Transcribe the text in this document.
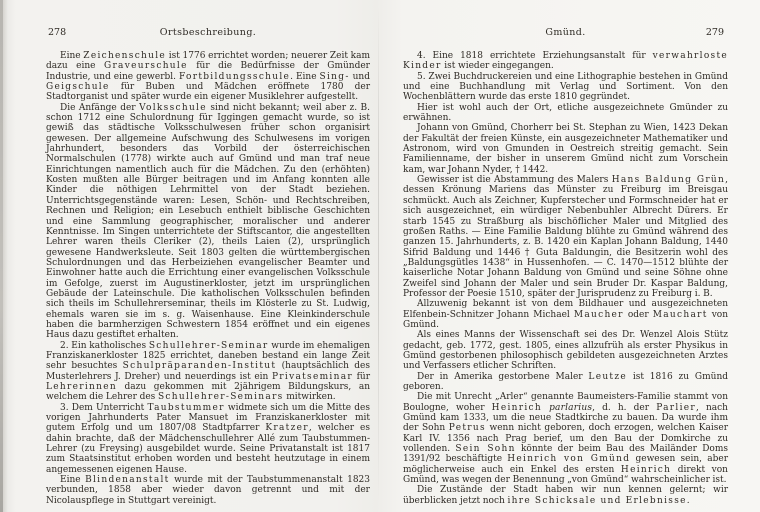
278	Ortsbeschreibung.

Eine Zeichenschule ist 1776 errichtet worden; neuerer Zeit kam dazu eine Graveurschule für die Bedürfnisse der Gmünder Industrie, und eine gewerbl. Fortbildungsschule. Eine Sing- und Geigschule für Buben und Mädchen eröffnete 1780 der Stadtorganist und später wurde ein eigener Musiklehrer aufgestellt.

Die Anfänge der Volksschule sind nicht bekannt; weil aber z. B. schon 1712 eine Schulordnung für Iggingen gemacht wurde, so ist gewiß das städtische Volksschulwesen früher schon organisirt gewesen. Der allgemeine Aufschwung des Schulwesens im vorigen Jahrhundert, besonders das Vorbild der österreichischen Normalschulen (1778) wirkte auch auf Gmünd und man traf neue Einrichtungen namentlich auch für die Mädchen. Zu den (erhöhten) Kosten mußten alle Bürger beitragen und im Anfang konnten alle Kinder die nöthigen Lehrmittel von der Stadt beziehen. Unterrichtsgegenstände waren: Lesen, Schön- und Rechtschreiben, Rechnen und Religion; ein Lesebuch enthielt biblische Geschichten und eine Sammlung geographischer, moralischer und anderer Kenntnisse. Im Singen unterrichtete der Stiftscantor, die angestellten Lehrer waren theils Cleriker (2), theils Laien (2), ursprünglich gewesene Handwerksleute. Seit 1803 gelten die württembergischen Schulordnungen und das Herbeiziehen evangelischer Beamter und Einwohner hatte auch die Errichtung einer evangelischen Volksschule im Gefolge, zuerst im Augustinerkloster, jetzt im ursprünglichen Gebäude der Lateinschule. Die katholischen Volksschulen befinden sich theils im Schullehrerseminar, theils im Klösterle zu St. Ludwig, ehemals waren sie im s. g. Waisenhause. Eine Kleinkinderschule haben die barmherzigen Schwestern 1854 eröffnet und ein eigenes Haus dazu gestiftet erhalten.

2. Ein katholisches Schullehrer-Seminar wurde im ehemaligen Franziskanerkloster 1825 errichtet, daneben bestand ein lange Zeit sehr besuchtes Schulpräparanden-Institut (hauptsächlich des Musterlehrers J. Dreher) und neuerdings ist ein Privatseminar für Lehrerinnen dazu gekommen mit 2jährigem Bildungskurs, an welchem die Lehrer des Schullehrer-Seminars mitwirken.

3. Dem Unterricht Taubstummer widmete sich um die Mitte des vorigen Jahrhunderts Pater Mansuet im Franziskanerkloster mit gutem Erfolg und um 1807/08 Stadtpfarrer Kratzer, welcher es dahin brachte, daß der Mädchenschullehrer Allé zum Taubstummen-Lehrer (zu Freysing) ausgebildet wurde. Seine Privatanstalt ist 1817 zum Staatsinstitut erhoben worden und besteht heutzutage in einem angemessenen eigenen Hause.

Eine Blindenanstalt wurde mit der Taubstummenanstalt 1823 verbunden, 1858 aber wieder davon getrennt und mit der Nicolauspflege in Stuttgart vereinigt.

Gmünd.	279

4. Eine 1818 errichtete Erziehungsanstalt für verwahrloste Kinder ist wieder eingegangen.

5. Zwei Buchdruckereien und eine Lithographie bestehen in Gmünd und eine Buchhandlung mit Verlag und Sortiment. Von den Wochenblättern wurde das erste 1810 gegründet.

Hier ist wohl auch der Ort, etliche ausgezeichnete Gmünder zu erwähnen.

Johann von Gmünd, Chorherr bei St. Stephan zu Wien, 1423 Dekan der Fakultät der freien Künste, ein ausgezeichneter Mathematiker und Astronom, wird von Gmunden in Oestreich streitig gemacht. Sein Familienname, der bisher in unserem Gmünd nicht zum Vorschein kam, war Johann Nyder, † 1442.

Gewisser ist die Abstammung des Malers Hans Baldung Grün, dessen Krönung Mariens das Münster zu Freiburg im Breisgau schmückt. Auch als Zeichner, Kupferstecher und Formschneider hat er sich ausgezeichnet, ein würdiger Nebenbuhler Albrecht Dürers. Er starb 1545 zu Straßburg als bischöflicher Maler und Mitglied des großen Raths. — Eine Familie Baldung blühte zu Gmünd während des ganzen 15. Jahrhunderts, z. B. 1420 ein Kaplan Johann Baldung, 1440 Sifrid Baldung und 1446 † Guta Baldungin, die Besitzerin wohl des „Baldungsgütles 1438“ in Hussenhofen. — C. 1470—1512 blühte der kaiserliche Notar Johann Baldung von Gmünd und seine Söhne ohne Zweifel sind Johann der Maler und sein Bruder Dr. Kaspar Baldung, Professor der Poesie 1510, später der Jurisprudenz zu Freiburg i. B.

Allzuwenig bekannt ist von dem Bildhauer und ausgezeichneten Elfenbein-Schnitzer Johann Michael Maucher oder Mauchart von Gmünd.

Als eines Manns der Wissenschaft sei des Dr. Wenzel Alois Stütz gedacht, geb. 1772, gest. 1805, eines allzufrüh als erster Physikus in Gmünd gestorbenen philosophisch gebildeten ausgezeichneten Arztes und Verfassers etlicher Schriften.

Der in Amerika gestorbene Maler Leutze ist 1816 zu Gmünd geboren.

Die mit Unrecht „Arler“ genannte Baumeisters-Familie stammt von Boulogne, woher Heinrich parlarius, d. h. der Parlier, nach Gmünd kam 1333, um die neue Stadtkirche zu bauen. Da wurde ihm der Sohn Petrus wenn nicht geboren, doch erzogen, welchen Kaiser Karl IV. 1356 nach Prag berief, um den Bau der Domkirche zu vollenden. Sein Sohn könnte der beim Bau des Mailänder Doms 1391/92 beschäftigte Heinrich von Gmünd gewesen sein, aber möglicherweise auch ein Enkel des ersten Heinrich direkt von Gmünd, was wegen der Benennung „von Gmünd“ wahrscheinlicher ist.

Die Zustände der Stadt haben wir nun kennen gelernt; wir überblicken jetzt noch ihre Schicksale und Erlebnisse.
